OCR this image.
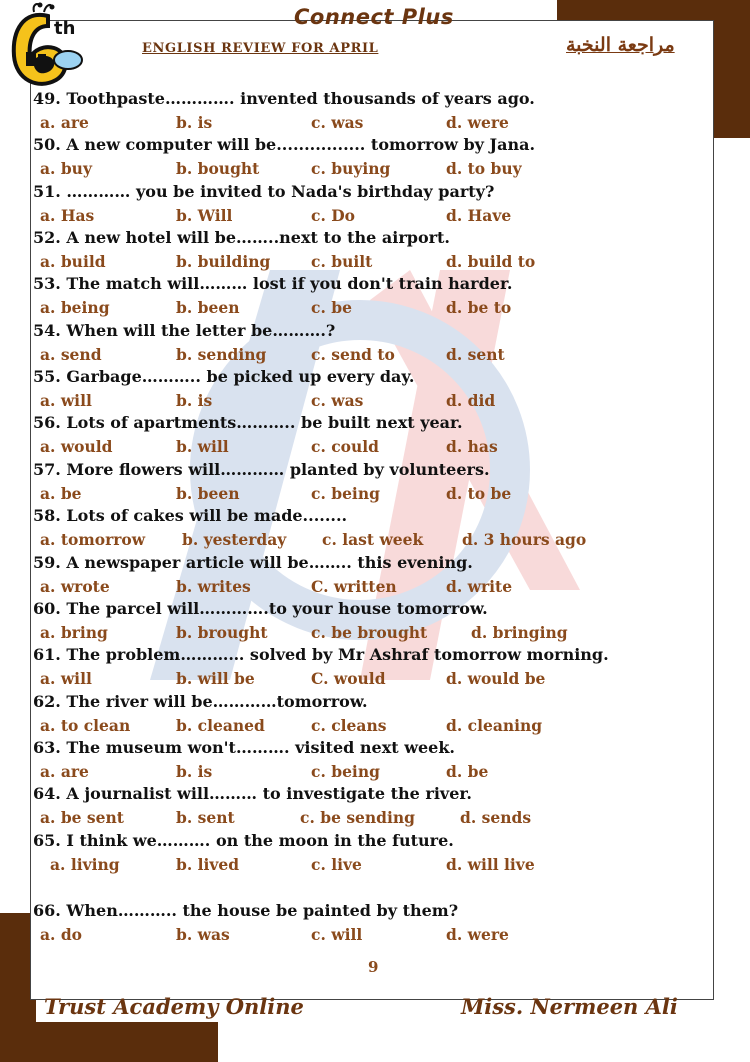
th	Connect Plus
ENGLISH REVIEW FOR APRIL	مراجعة النخبة
49. Toothpaste…………. invented thousands of years ago.
a. are	b. is	c. was	d. were
50. A new computer will be................ tomorrow by Jana.
a. buy	b. bought	c. buying	d. to buy
51. ………… you be invited to Nada's birthday party?
a. Has	b. Will	c. Do	d. Have
52. A new hotel will be……..next to the airport.
a. build	b. building	c. built	d. build to
53. The match will……… lost if you don't train harder.
a. being	b. been	c. be	d. be to
54. When will the letter be……….?
a. send	b. sending	c. send to	d. sent
55. Garbage……….. be picked up every day.
a. will	b. is	c. was	d. did
56. Lots of apartments……….. be built next year.
a. would	b. will	c. could	d. has
57. More flowers will………… planted by volunteers.
a. be	b. been	c. being	d. to be
58. Lots of cakes will be made........
a. tomorrow b. yesterday c. last week	d. 3 hours ago
59. A newspaper article will be…….. this evening.
a. wrote	b. writes	C. written	d. write
60. The parcel will………….to your house tomorrow.
a. bring	b. brought	c. be brought	d. bringing
61. The problem………… solved by Mr Ashraf tomorrow morning.
a. will	b. will be	C. would	d. would be
62. The river will be…………tomorrow.
a. to clean	b. cleaned	c. cleans	d. cleaning
63. The museum won't………. visited next week.
a. are	b. is	c. being	d. be
64. A journalist will……… to investigate the river.
a. be sent	b. sent	c. be sending	d. sends
65. I think we………. on the moon in the future.
a. living	b. lived	c. live	d. will live
66. When……….. the house be painted by them?
a. do	b. was	c. will	d. were
9
Trust Academy Online	Miss. Nermeen Ali
